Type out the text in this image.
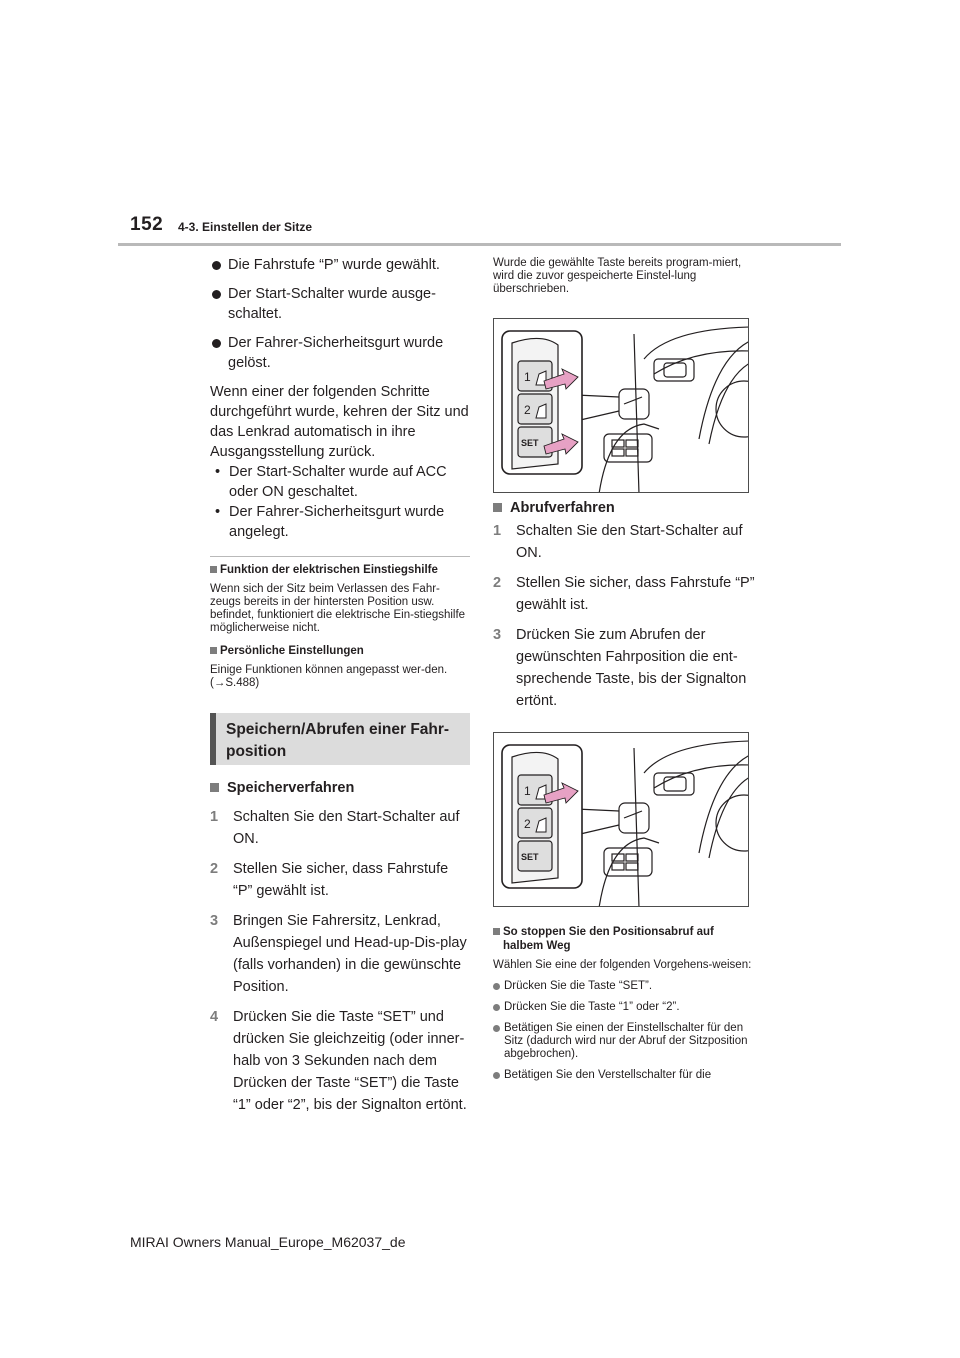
152 4-3. Einstellen der Sitze
Die Fahrstufe “P” wurde gewählt.
Der Start-Schalter wurde ausge-schaltet.
Der Fahrer-Sicherheitsgurt wurde gelöst.
Wenn einer der folgenden Schritte durchgeführt wurde, kehren der Sitz und das Lenkrad automatisch in ihre Ausgangsstellung zurück.
• Der Start-Schalter wurde auf ACC oder ON geschaltet.
• Der Fahrer-Sicherheitsgurt wurde angelegt.
Funktion der elektrischen Einstiegshilfe
Wenn sich der Sitz beim Verlassen des Fahr-zeugs bereits in der hintersten Position usw. befindet, funktioniert die elektrische Ein-stiegshilfe möglicherweise nicht.
Persönliche Einstellungen
Einige Funktionen können angepasst wer-den. (→S.488)
Speichern/Abrufen einer Fahr-position
Speicherverfahren
1 Schalten Sie den Start-Schalter auf ON.
2 Stellen Sie sicher, dass Fahrstufe “P” gewählt ist.
3 Bringen Sie Fahrersitz, Lenkrad, Außenspiegel und Head-up-Dis-play (falls vorhanden) in die gewünschte Position.
4 Drücken Sie die Taste “SET” und drücken Sie gleichzeitig (oder inner-halb von 3 Sekunden nach dem Drücken der Taste “SET”) die Taste “1” oder “2”, bis der Signalton ertönt.
Wurde die gewählte Taste bereits program-miert, wird die zuvor gespeicherte Einstel-lung überschrieben.
1
2
SET
Abrufverfahren
1 Schalten Sie den Start-Schalter auf ON.
2 Stellen Sie sicher, dass Fahrstufe “P” gewählt ist.
3 Drücken Sie zum Abrufen der gewünschten Fahrposition die ent-sprechende Taste, bis der Signalton ertönt.
1
2
SET
So stoppen Sie den Positionsabruf auf halbem Weg
Wählen Sie eine der folgenden Vorgehens-weisen:
Drücken Sie die Taste “SET”.
Drücken Sie die Taste “1” oder “2”.
Betätigen Sie einen der Einstellschalter für den Sitz (dadurch wird nur der Abruf der Sitzposition abgebrochen).
Betätigen Sie den Verstellschalter für die
MIRAI Owners Manual_Europe_M62037_de
